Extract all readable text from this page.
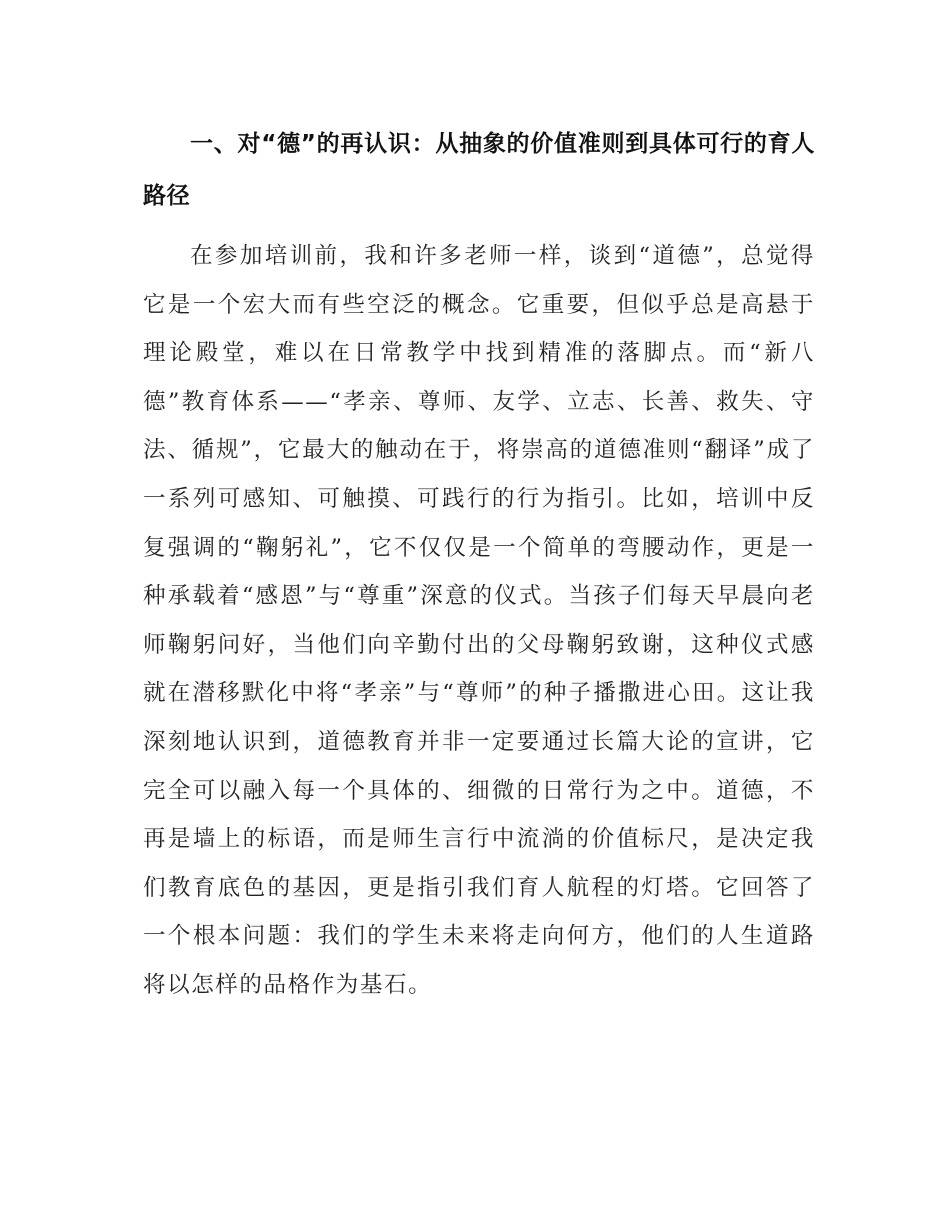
一、对“德”的再认识：从抽象的价值准则到具体可行的育人路径

在参加培训前，我和许多老师一样，谈到“道德”，总觉得它是一个宏大而有些空泛的概念。它重要，但似乎总是高悬于理论殿堂，难以在日常教学中找到精准的落脚点。而“新八德”教育体系——“孝亲、尊师、友学、立志、长善、救失、守法、循规”，它最大的触动在于，将崇高的道德准则“翻译”成了一系列可感知、可触摸、可践行的行为指引。比如，培训中反复强调的“鞠躬礼”，它不仅仅是一个简单的弯腰动作，更是一种承载着“感恩”与“尊重”深意的仪式。当孩子们每天早晨向老师鞠躬问好，当他们向辛勤付出的父母鞠躬致谢，这种仪式感就在潜移默化中将“孝亲”与“尊师”的种子播撒进心田。这让我深刻地认识到，道德教育并非一定要通过长篇大论的宣讲，它完全可以融入每一个具体的、细微的日常行为之中。道德，不再是墙上的标语，而是师生言行中流淌的价值标尺，是决定我们教育底色的基因，更是指引我们育人航程的灯塔。它回答了一个根本问题：我们的学生未来将走向何方，他们的人生道路将以怎样的品格作为基石。
